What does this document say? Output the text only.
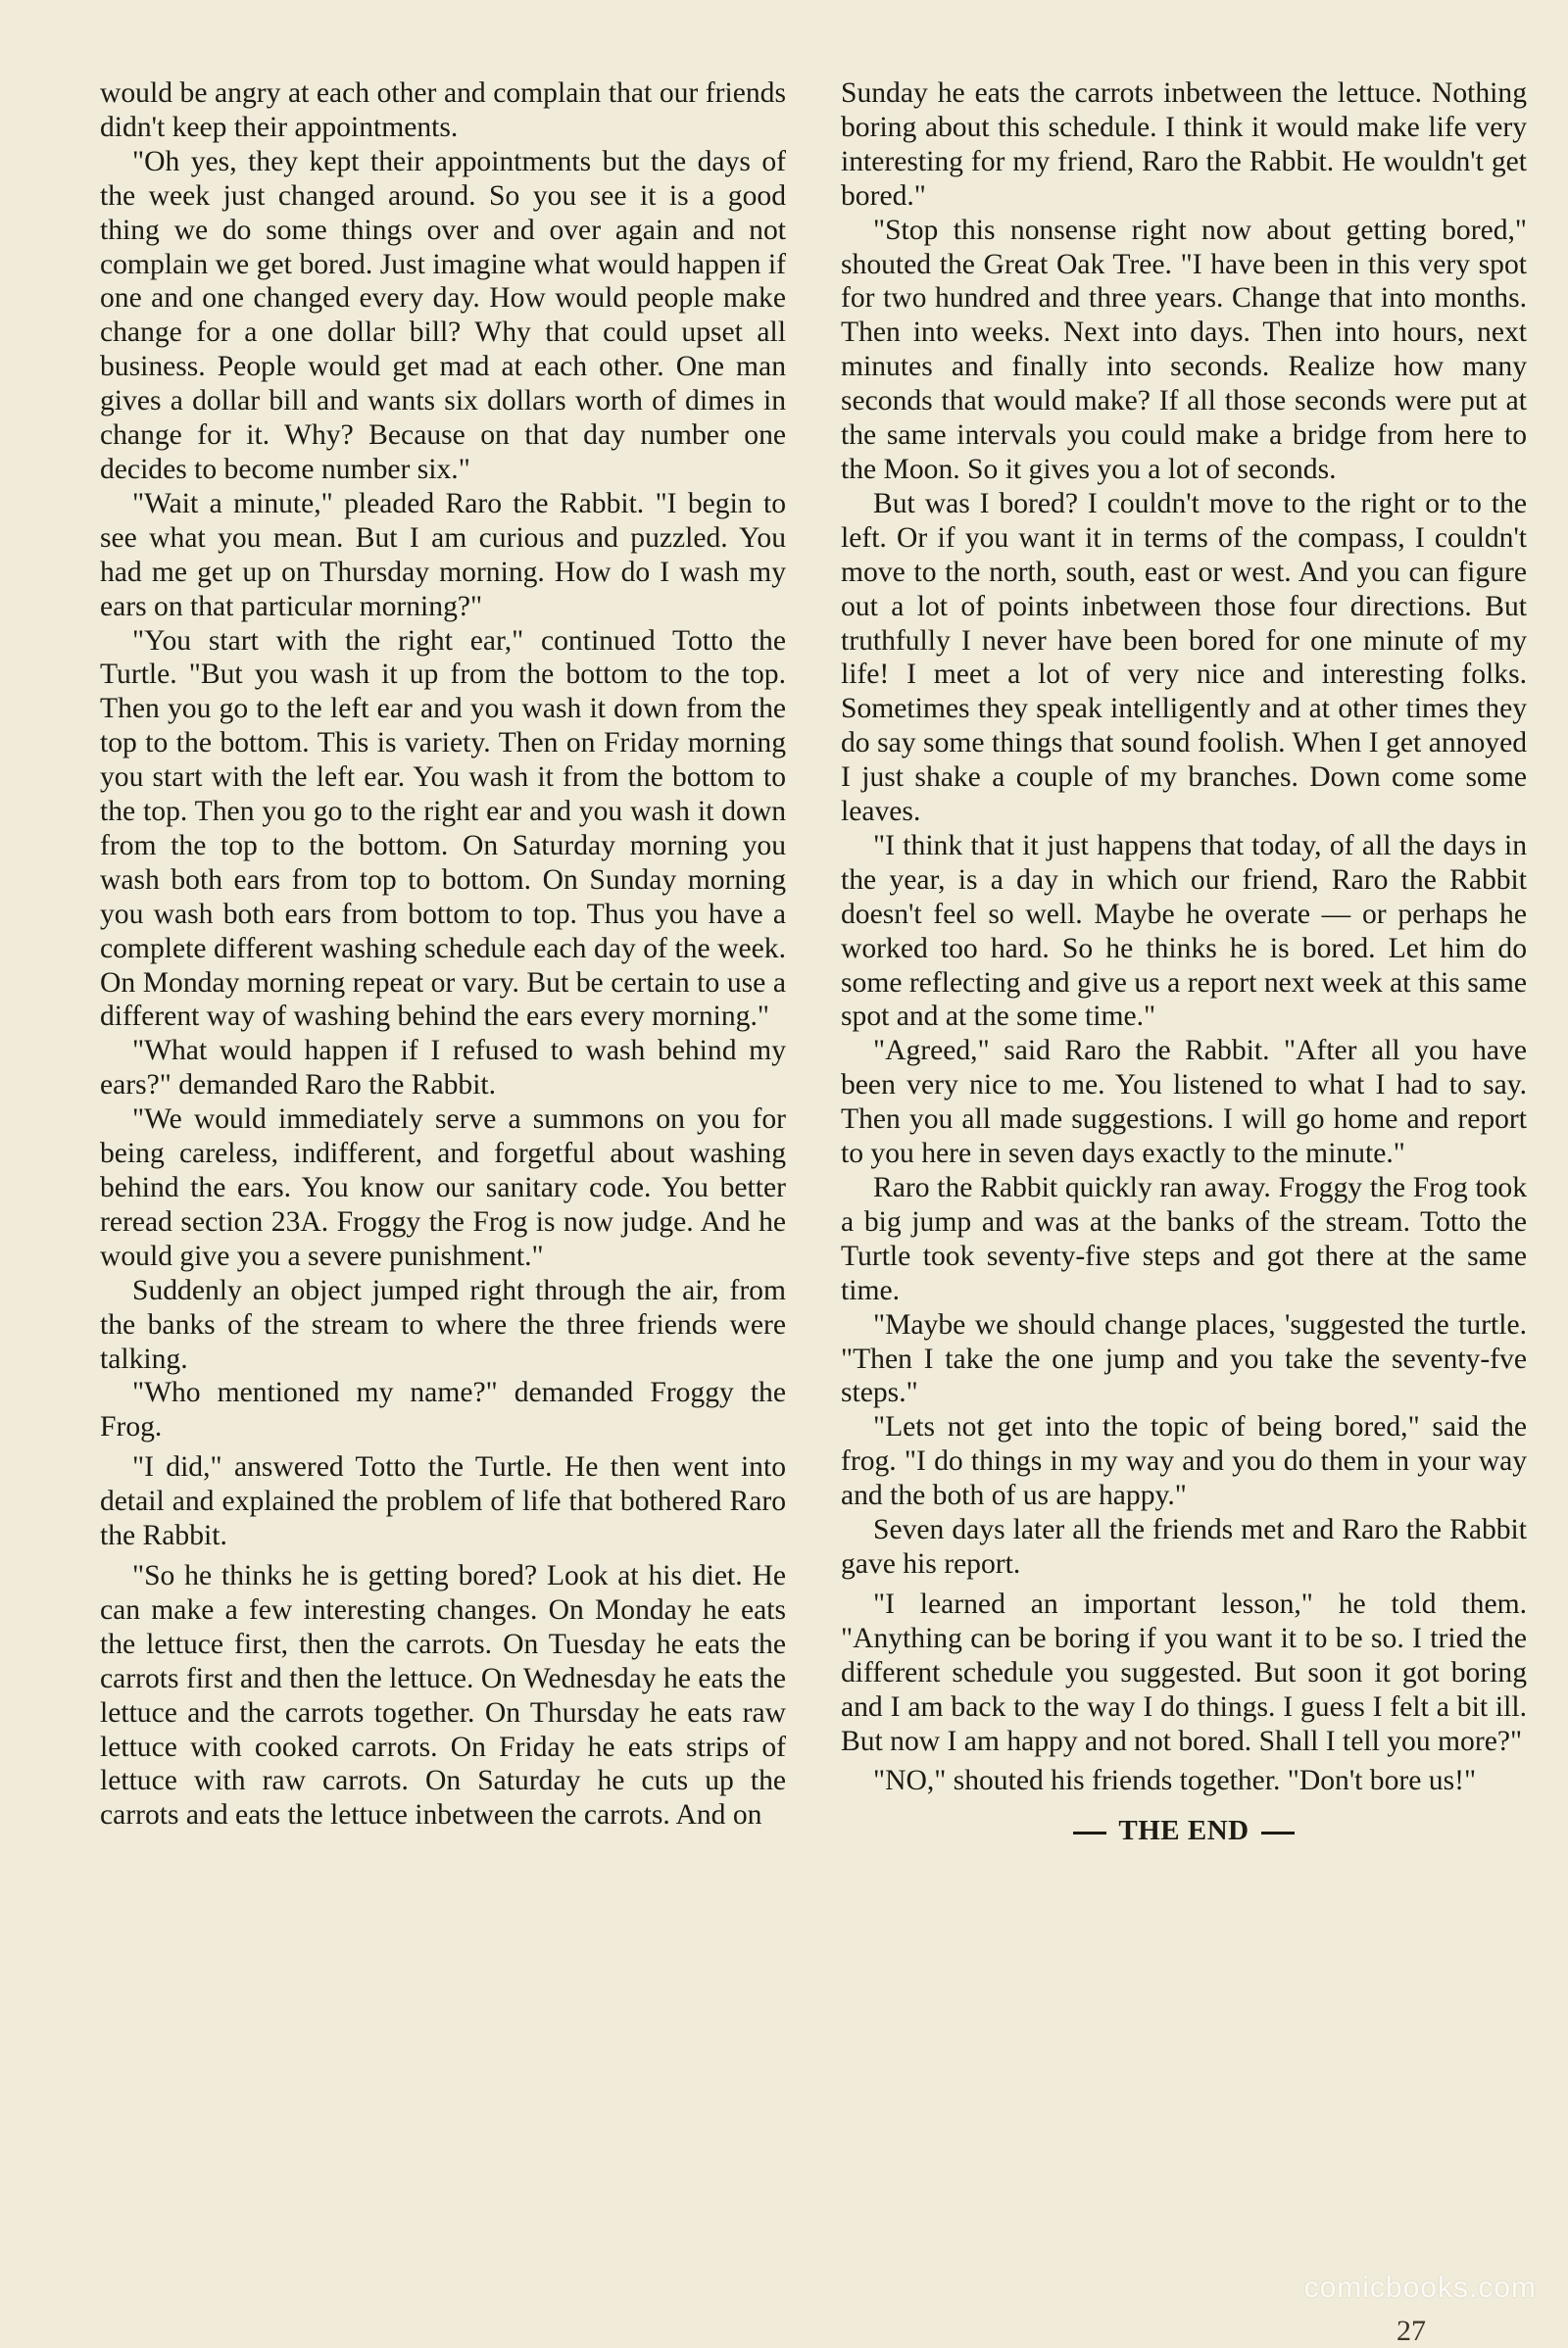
would be angry at each other and complain that our friends didn't keep their appointments.

"Oh yes, they kept their appointments but the days of the week just changed around. So you see it is a good thing we do some things over and over again and not complain we get bored. Just imagine what would happen if one and one changed every day. How would people make change for a one dollar bill? Why that could upset all business. People would get mad at each other. One man gives a dollar bill and wants six dollars worth of dimes in change for it. Why? Because on that day number one decides to become number six."

"Wait a minute," pleaded Raro the Rabbit. "I begin to see what you mean. But I am curious and puzzled. You had me get up on Thursday morning. How do I wash my ears on that particular morning?"

"You start with the right ear," continued Totto the Turtle. "But you wash it up from the bottom to the top. Then you go to the left ear and you wash it down from the top to the bottom. This is variety. Then on Friday morning you start with the left ear. You wash it from the bottom to the top. Then you go to the right ear and you wash it down from the top to the bottom. On Saturday morning you wash both ears from top to bottom. On Sunday morning you wash both ears from bottom to top. Thus you have a complete different washing schedule each day of the week. On Monday morning repeat or vary. But be certain to use a different way of washing behind the ears every morning."

"What would happen if I refused to wash behind my ears?" demanded Raro the Rabbit.

"We would immediately serve a summons on you for being careless, indifferent, and forgetful about washing behind the ears. You know our sanitary code. You better reread section 23A. Froggy the Frog is now judge. And he would give you a severe punishment."

Suddenly an object jumped right through the air, from the banks of the stream to where the three friends were talking.

"Who mentioned my name?" demanded Froggy the Frog.

"I did," answered Totto the Turtle. He then went into detail and explained the problem of life that bothered Raro the Rabbit.

"So he thinks he is getting bored? Look at his diet. He can make a few interesting changes. On Monday he eats the lettuce first, then the carrots. On Tuesday he eats the carrots first and then the lettuce. On Wednesday he eats the lettuce and the carrots together. On Thursday he eats raw lettuce with cooked carrots. On Friday he eats strips of lettuce with raw carrots. On Saturday he cuts up the carrots and eats the lettuce inbetween the carrots. And on

Sunday he eats the carrots inbetween the lettuce. Nothing boring about this schedule. I think it would make life very interesting for my friend, Raro the Rabbit. He wouldn't get bored."

"Stop this nonsense right now about getting bored," shouted the Great Oak Tree. "I have been in this very spot for two hundred and three years. Change that into months. Then into weeks. Next into days. Then into hours, next minutes and finally into seconds. Realize how many seconds that would make? If all those seconds were put at the same intervals you could make a bridge from here to the Moon. So it gives you a lot of seconds.

But was I bored? I couldn't move to the right or to the left. Or if you want it in terms of the compass, I couldn't move to the north, south, east or west. And you can figure out a lot of points inbetween those four directions. But truthfully I never have been bored for one minute of my life! I meet a lot of very nice and interesting folks. Sometimes they speak intelligently and at other times they do say some things that sound foolish. When I get annoyed I just shake a couple of my branches. Down come some leaves.

"I think that it just happens that today, of all the days in the year, is a day in which our friend, Raro the Rabbit doesn't feel so well. Maybe he overate — or perhaps he worked too hard. So he thinks he is bored. Let him do some reflecting and give us a report next week at this same spot and at the some time."

"Agreed," said Raro the Rabbit. "After all you have been very nice to me. You listened to what I had to say. Then you all made suggestions. I will go home and report to you here in seven days exactly to the minute."

Raro the Rabbit quickly ran away. Froggy the Frog took a big jump and was at the banks of the stream. Totto the Turtle took seventy-five steps and got there at the same time.

"Maybe we should change places, 'suggested the turtle. "Then I take the one jump and you take the seventy-fve steps."

"Lets not get into the topic of being bored," said the frog. "I do things in my way and you do them in your way and the both of us are happy."

Seven days later all the friends met and Raro the Rabbit gave his report.

"I learned an important lesson," he told them. "Anything can be boring if you want it to be so. I tried the different schedule you suggested. But soon it got boring and I am back to the way I do things. I guess I felt a bit ill. But now I am happy and not bored. Shall I tell you more?"

"NO," shouted his friends together. "Don't bore us!"

THE END
comicbooks.com
27
